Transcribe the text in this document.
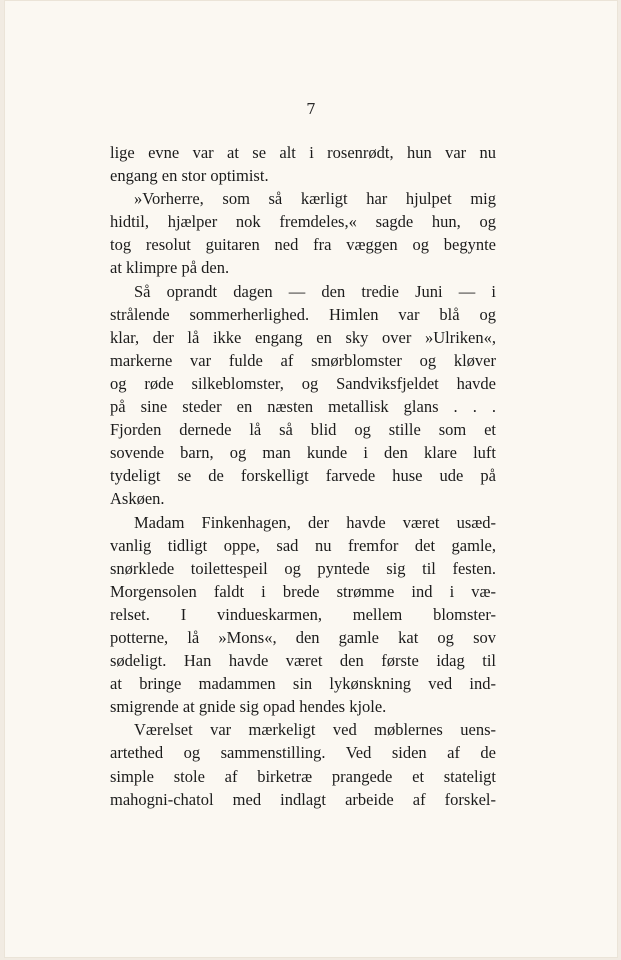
7

lige evne var at se alt i rosenrødt, hun var nu
engang en stor optimist.
»Vorherre, som så kærligt har hjulpet mig
hidtil, hjælper nok fremdeles,« sagde hun, og
tog resolut guitaren ned fra væggen og begynte
at klimpre på den.
Så oprandt dagen — den tredie Juni — i
strålende sommerherlighed. Himlen var blå og
klar, der lå ikke engang en sky over »Ulriken«,
markerne var fulde af smørblomster og kløver
og røde silkeblomster, og Sandviksfjeldet havde
på sine steder en næsten metallisk glans . . .
Fjorden dernede lå så blid og stille som et
sovende barn, og man kunde i den klare luft
tydeligt se de forskelligt farvede huse ude på
Askøen.
Madam Finkenhagen, der havde været usæd-
vanlig tidligt oppe, sad nu fremfor det gamle,
snørklede toilettespeil og pyntede sig til festen.
Morgensolen faldt i brede strømme ind i væ-
relset. I vindueskarmen, mellem blomster-
potterne, lå »Mons«, den gamle kat og sov
sødeligt. Han havde været den første idag til
at bringe madammen sin lykønskning ved ind-
smigrende at gnide sig opad hendes kjole.
Værelset var mærkeligt ved møblernes uens-
artethed og sammenstilling. Ved siden af de
simple stole af birketræ prangede et stateligt
mahogni-chatol med indlagt arbeide af forskel-
